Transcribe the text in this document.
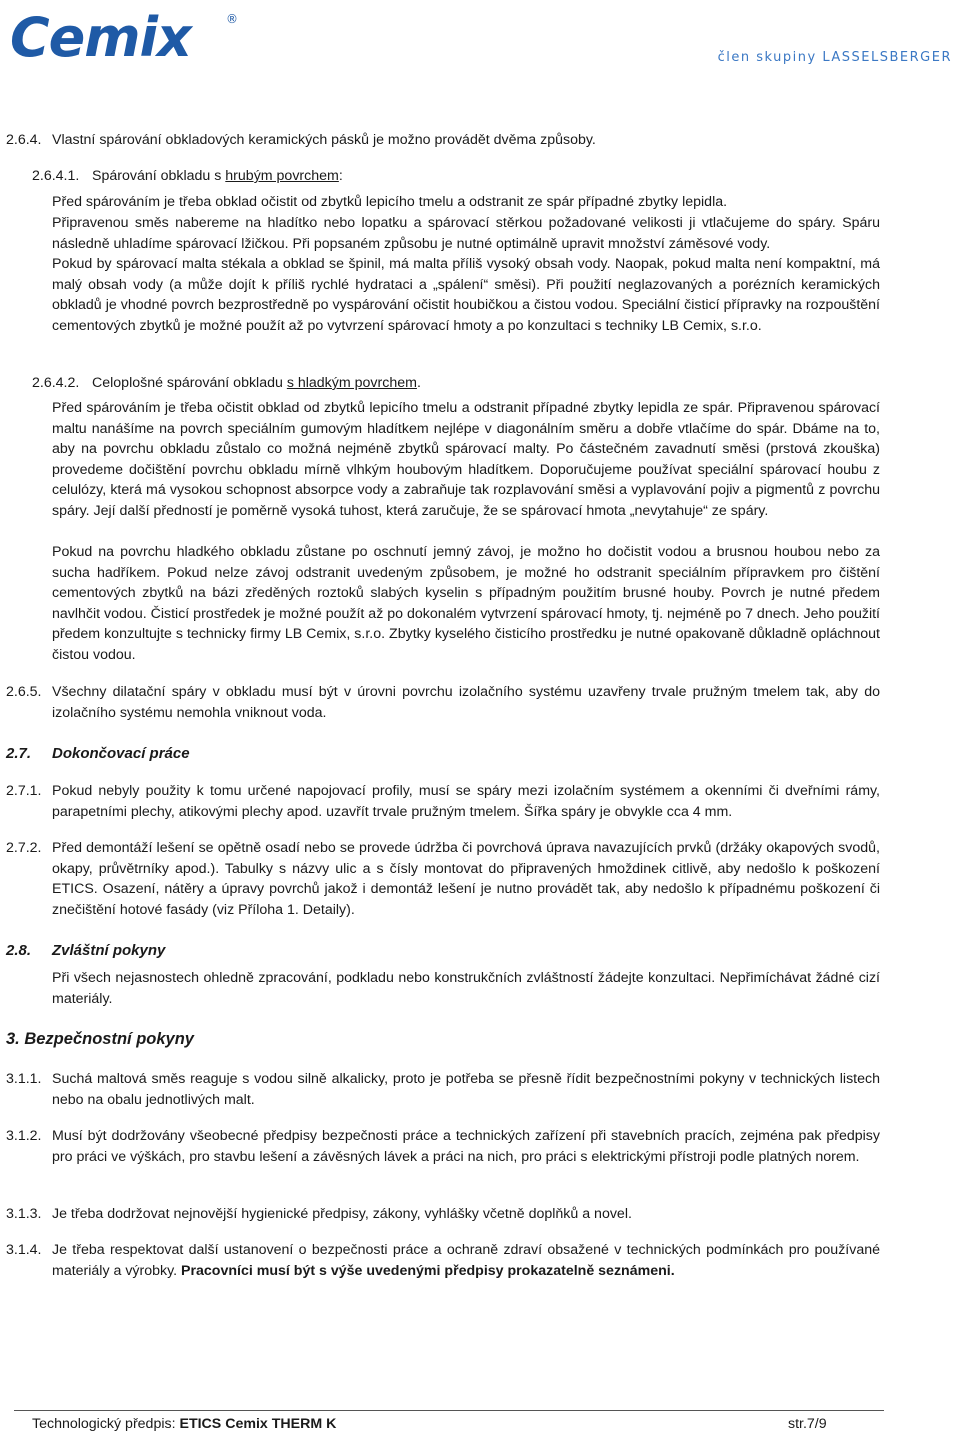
Cemix	®
člen skupiny LASSELSBERGER
2.6.4. Vlastní spárování obkladových keramických pásků je možno provádět dvěma způsoby.
2.6.4.1. Spárování obkladu s hrubým povrchem:
Před spárováním je třeba obklad očistit od zbytků lepicího tmelu a odstranit ze spár případné zbytky lepidla.
Připravenou směs nabereme na hladítko nebo lopatku a spárovací stěrkou požadované velikosti ji vtlačujeme do spáry. Spáru následně uhladíme spárovací lžičkou. Při popsaném způsobu je nutné optimálně upravit množství záměsové vody.
Pokud by spárovací malta stékala a obklad se špinil, má malta příliš vysoký obsah vody. Naopak, pokud malta není kompaktní, má malý obsah vody (a může dojít k příliš rychlé hydrataci a „spálení“ směsi). Při použití neglazovaných a porézních keramických obkladů je vhodné povrch bezprostředně po vyspárování očistit houbičkou a čistou vodou. Speciální čisticí přípravky na rozpouštění cementových zbytků je možné použít až po vytvrzení spárovací hmoty a po konzultaci s techniky LB Cemix, s.r.o.
2.6.4.2. Celoplošné spárování obkladu s hladkým povrchem.
Před spárováním je třeba očistit obklad od zbytků lepicího tmelu a odstranit případné zbytky lepidla ze spár. Připravenou spárovací maltu nanášíme na povrch speciálním gumovým hladítkem nejlépe v diagonálním směru a dobře vtlačíme do spár. Dbáme na to, aby na povrchu obkladu zůstalo co možná nejméně zbytků spárovací malty. Po částečném zavadnutí směsi (prstová zkouška) provedeme dočištění povrchu obkladu mírně vlhkým houbovým hladítkem. Doporučujeme používat speciální spárovací houbu z celulózy, která má vysokou schopnost absorpce vody a zabraňuje tak rozplavování směsi a vyplavování pojiv a pigmentů z povrchu spáry. Její další předností je poměrně vysoká tuhost, která zaručuje, že se spárovací hmota „nevytahuje“ ze spáry.
Pokud na povrchu hladkého obkladu zůstane po oschnutí jemný závoj, je možno ho dočistit vodou a brusnou houbou nebo za sucha hadříkem. Pokud nelze závoj odstranit uvedeným způsobem, je možné ho odstranit speciálním přípravkem pro čištění cementových zbytků na bázi zředěných roztoků slabých kyselin s případným použitím brusné houby. Povrch je nutné předem navlhčit vodou. Čisticí prostředek je možné použít až po dokonalém vytvrzení spárovací hmoty, tj. nejméně po 7 dnech. Jeho použití předem konzultujte s technicky firmy LB Cemix, s.r.o. Zbytky kyselého čisticího prostředku je nutné opakovaně důkladně opláchnout čistou vodou.
2.6.5. Všechny dilatační spáry v obkladu musí být v úrovni povrchu izolačního systému uzavřeny trvale pružným tmelem tak, aby do izolačního systému nemohla vniknout voda.
2.7. Dokončovací práce
2.7.1. Pokud nebyly použity k tomu určené napojovací profily, musí se spáry mezi izolačním systémem a okenními či dveřními rámy, parapetními plechy, atikovými plechy apod. uzavřít trvale pružným tmelem. Šířka spáry je obvykle cca 4 mm.
2.7.2. Před demontáží lešení se opětně osadí nebo se provede údržba či povrchová úprava navazujících prvků (držáky okapových svodů, okapy, průvětrníky apod.). Tabulky s názvy ulic a s čísly montovat do připravených hmoždinek citlivě, aby nedošlo k poškození ETICS. Osazení, nátěry a úpravy povrchů jakož i demontáž lešení je nutno provádět tak, aby nedošlo k případnému poškození či znečištění hotové fasády (viz Příloha 1. Detaily).
2.8. Zvláštní pokyny
Při všech nejasnostech ohledně zpracování, podkladu nebo konstrukčních zvláštností žádejte konzultaci. Nepřimíchávat žádné cizí materiály.
3. Bezpečnostní pokyny
3.1.1. Suchá maltová směs reaguje s vodou silně alkalicky, proto je potřeba se přesně řídit bezpečnostními pokyny v technických listech nebo na obalu jednotlivých malt.
3.1.2. Musí být dodržovány všeobecné předpisy bezpečnosti práce a technických zařízení při stavebních pracích, zejména pak předpisy pro práci ve výškách, pro stavbu lešení a závěsných lávek a práci na nich, pro práci s elektrickými přístroji podle platných norem.
3.1.3. Je třeba dodržovat nejnovější hygienické předpisy, zákony, vyhlášky včetně doplňků a novel.
3.1.4. Je třeba respektovat další ustanovení o bezpečnosti práce a ochraně zdraví obsažené v technických podmínkách pro používané materiály a výrobky. Pracovníci musí být s výše uvedenými předpisy prokazatelně seznámeni.
Technologický předpis: ETICS Cemix THERM K	str.7/9
